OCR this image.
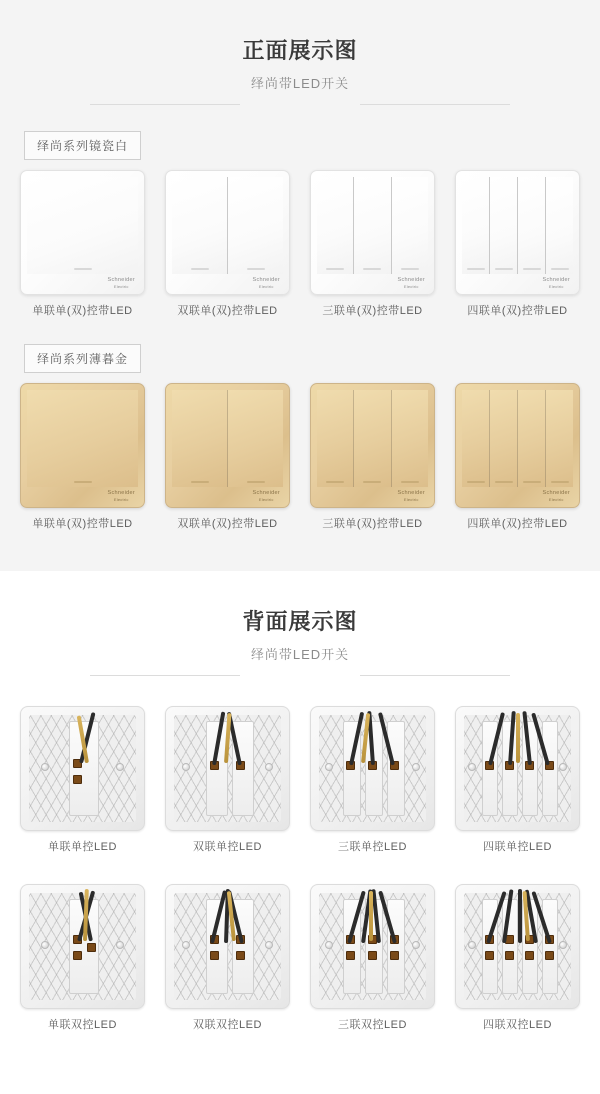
正面展示图
绎尚带LED开关
绎尚系列镜瓷白
Schneider
Electric
单联单(双)控带LED
Schneider
Electric
双联单(双)控带LED
Schneider
Electric
三联单(双)控带LED
Schneider
Electric
四联单(双)控带LED
绎尚系列薄暮金
Schneider
Electric
单联单(双)控带LED
Schneider
Electric
双联单(双)控带LED
Schneider
Electric
三联单(双)控带LED
Schneider
Electric
四联单(双)控带LED
背面展示图
绎尚带LED开关
单联单控LED	双联单控LED	三联单控LED	四联单控LED
单联双控LED	双联双控LED	三联双控LED	四联双控LED
